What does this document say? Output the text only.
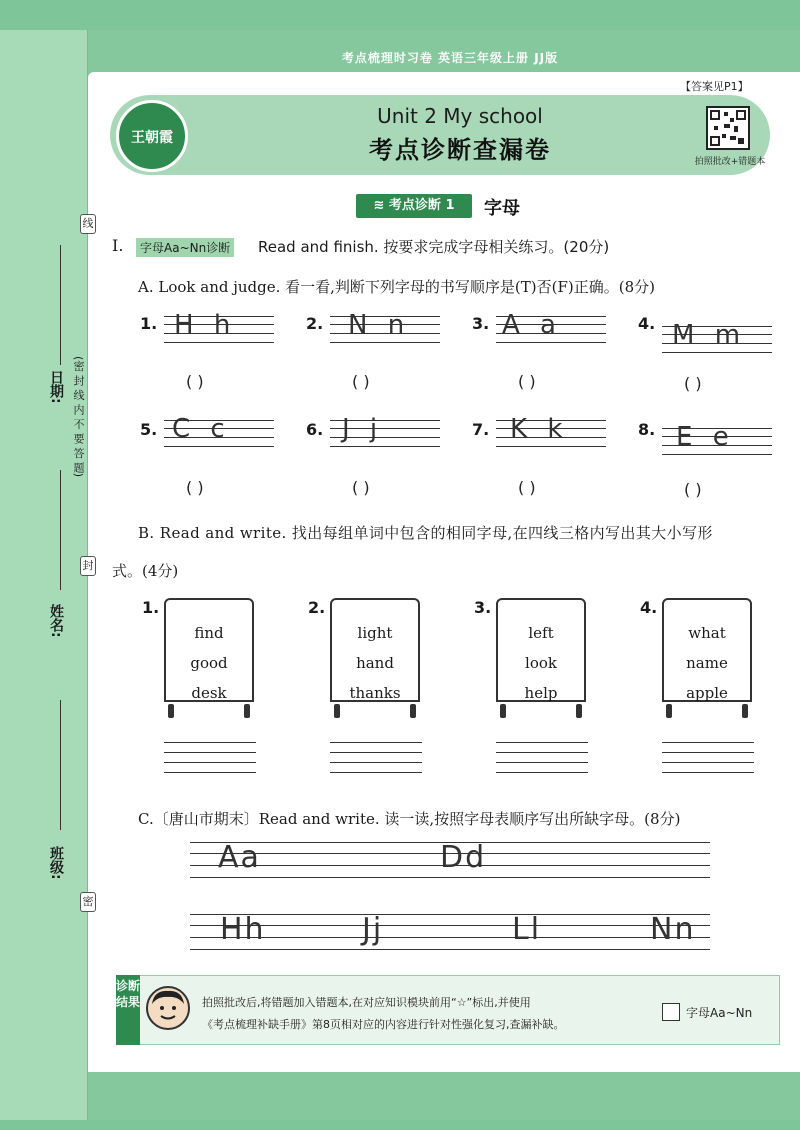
考点梳理时习卷 英语三年级上册 JJ版
【答案见P1】
王朝霞
Unit 2 My school
考点诊断查漏卷	拍照批改+错题本
≋ 考点诊断 1	字母
线
日期: (密 封 线 内 不 要 答 题)
封
姓名:
班级:
密
Ⅰ.	字母Aa~Nn诊断 Read and finish. 按要求完成字母相关练习。(20分)
A. Look and judge. 看一看,判断下列字母的书写顺序是(T)否(F)正确。(8分)
1. H h
( )
2. N n
( )
3. A a
( )
4. M m
( )
5. C c
( )
6. J j
( )
7. K k
( )
8. E e
( )
B. Read and write. 找出每组单词中包含的相同字母,在四线三格内写出其大小写形
式。(4分)
1.
find
good
desk
2.
light
hand
thanks
3.
left
look
help
4.
what
name
apple
C.〔唐山市期末〕Read and write. 读一读,按照字母表顺序写出所缺字母。(8分)
Aa	Dd
Hh	Jj	Ll	Nn
诊断结果	拍照批改后,将错题加入错题本,在对应知识模块前用“☆”标出,并使用
《考点梳理补缺手册》第8页相对应的内容进行针对性强化复习,查漏补缺。
字母Aa~Nn
